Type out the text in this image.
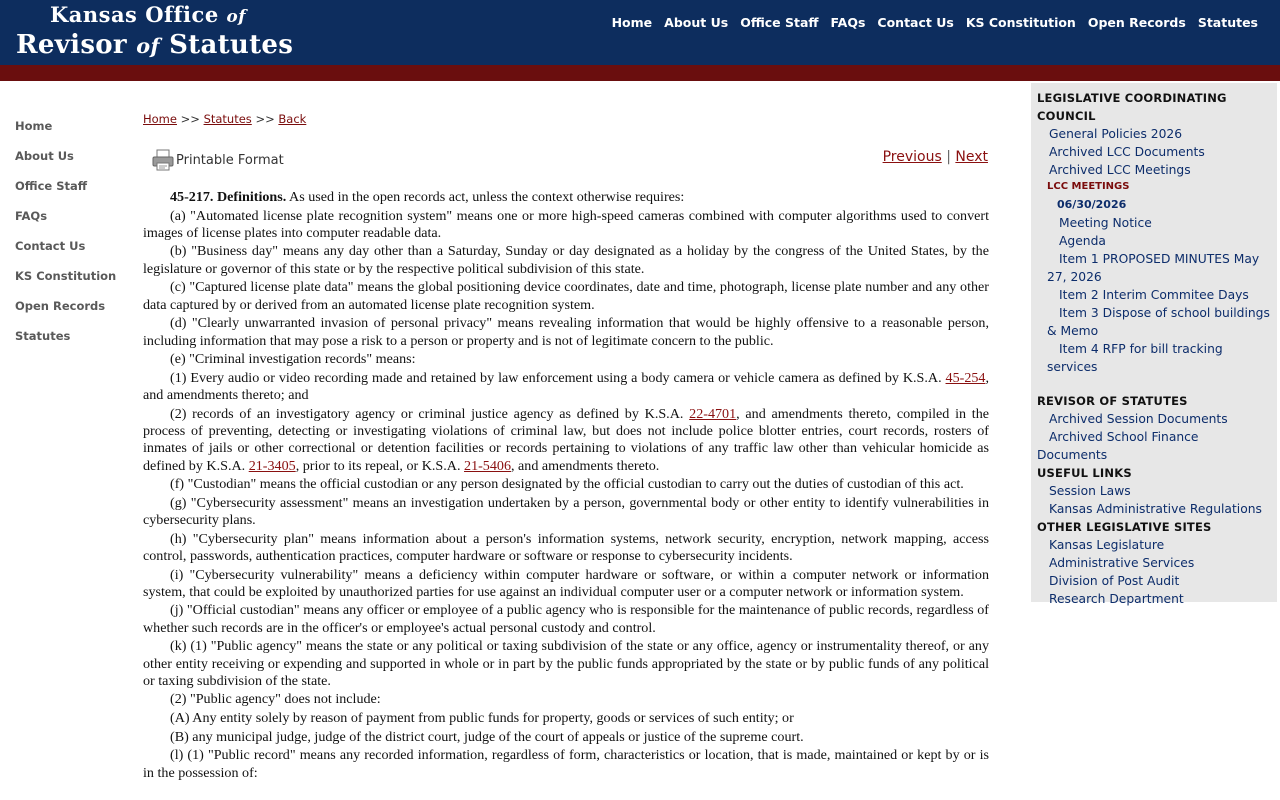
Kansas Office of
Revisor of Statutes
Home About Us Office Staff FAQs Contact Us KS Constitution Open Records Statutes
Home
About Us
Office Staff
FAQs
Contact Us
KS Constitution
Open Records
Statutes
Home >> Statutes >> Back
Printable Format	Previous | Next

45-217. Definitions. As used in the open records act, unless the context otherwise requires:

(a) "Automated license plate recognition system" means one or more high-speed cameras combined with computer algorithms used to convert images of license plates into computer readable data.

(b) "Business day" means any day other than a Saturday, Sunday or day designated as a holiday by the congress of the United States, by the legislature or governor of this state or by the respective political subdivision of this state.

(c) "Captured license plate data" means the global positioning device coordinates, date and time, photograph, license plate number and any other data captured by or derived from an automated license plate recognition system.

(d) "Clearly unwarranted invasion of personal privacy" means revealing information that would be highly offensive to a reasonable person, including information that may pose a risk to a person or property and is not of legitimate concern to the public.

(e) "Criminal investigation records" means:

(1) Every audio or video recording made and retained by law enforcement using a body camera or vehicle camera as defined by K.S.A. 45-254, and amendments thereto; and

(2) records of an investigatory agency or criminal justice agency as defined by K.S.A. 22-4701, and amendments thereto, compiled in the process of preventing, detecting or investigating violations of criminal law, but does not include police blotter entries, court records, rosters of inmates of jails or other correctional or detention facilities or records pertaining to violations of any traffic law other than vehicular homicide as defined by K.S.A. 21-3405, prior to its repeal, or K.S.A. 21-5406, and amendments thereto.

(f) "Custodian" means the official custodian or any person designated by the official custodian to carry out the duties of custodian of this act.

(g) "Cybersecurity assessment" means an investigation undertaken by a person, governmental body or other entity to identify vulnerabilities in cybersecurity plans.

(h) "Cybersecurity plan" means information about a person's information systems, network security, encryption, network mapping, access control, passwords, authentication practices, computer hardware or software or response to cybersecurity incidents.

(i) "Cybersecurity vulnerability" means a deficiency within computer hardware or software, or within a computer network or information system, that could be exploited by unauthorized parties for use against an individual computer user or a computer network or information system.

(j) "Official custodian" means any officer or employee of a public agency who is responsible for the maintenance of public records, regardless of whether such records are in the officer's or employee's actual personal custody and control.

(k) (1) "Public agency" means the state or any political or taxing subdivision of the state or any office, agency or instrumentality thereof, or any other entity receiving or expending and supported in whole or in part by the public funds appropriated by the state or by public funds of any political or taxing subdivision of the state.

(2) "Public agency" does not include:

(A) Any entity solely by reason of payment from public funds for property, goods or services of such entity; or

(B) any municipal judge, judge of the district court, judge of the court of appeals or justice of the supreme court.

(l) (1) "Public record" means any recorded information, regardless of form, characteristics or location, that is made, maintained or kept by or is in the possession of:

LEGISLATIVE COORDINATING COUNCIL
General Policies 2026
Archived LCC Documents
Archived LCC Meetings
LCC MEETINGS
06/30/2026
Meeting Notice
Agenda
Item 1 PROPOSED MINUTES May 27, 2026
Item 2 Interim Commitee Days
Item 3 Dispose of school buildings & Memo
Item 4 RFP for bill tracking services
REVISOR OF STATUTES
Archived Session Documents
Archived School Finance Documents
USEFUL LINKS
Session Laws
Kansas Administrative Regulations
OTHER LEGISLATIVE SITES
Kansas Legislature
Administrative Services
Division of Post Audit
Research Department
